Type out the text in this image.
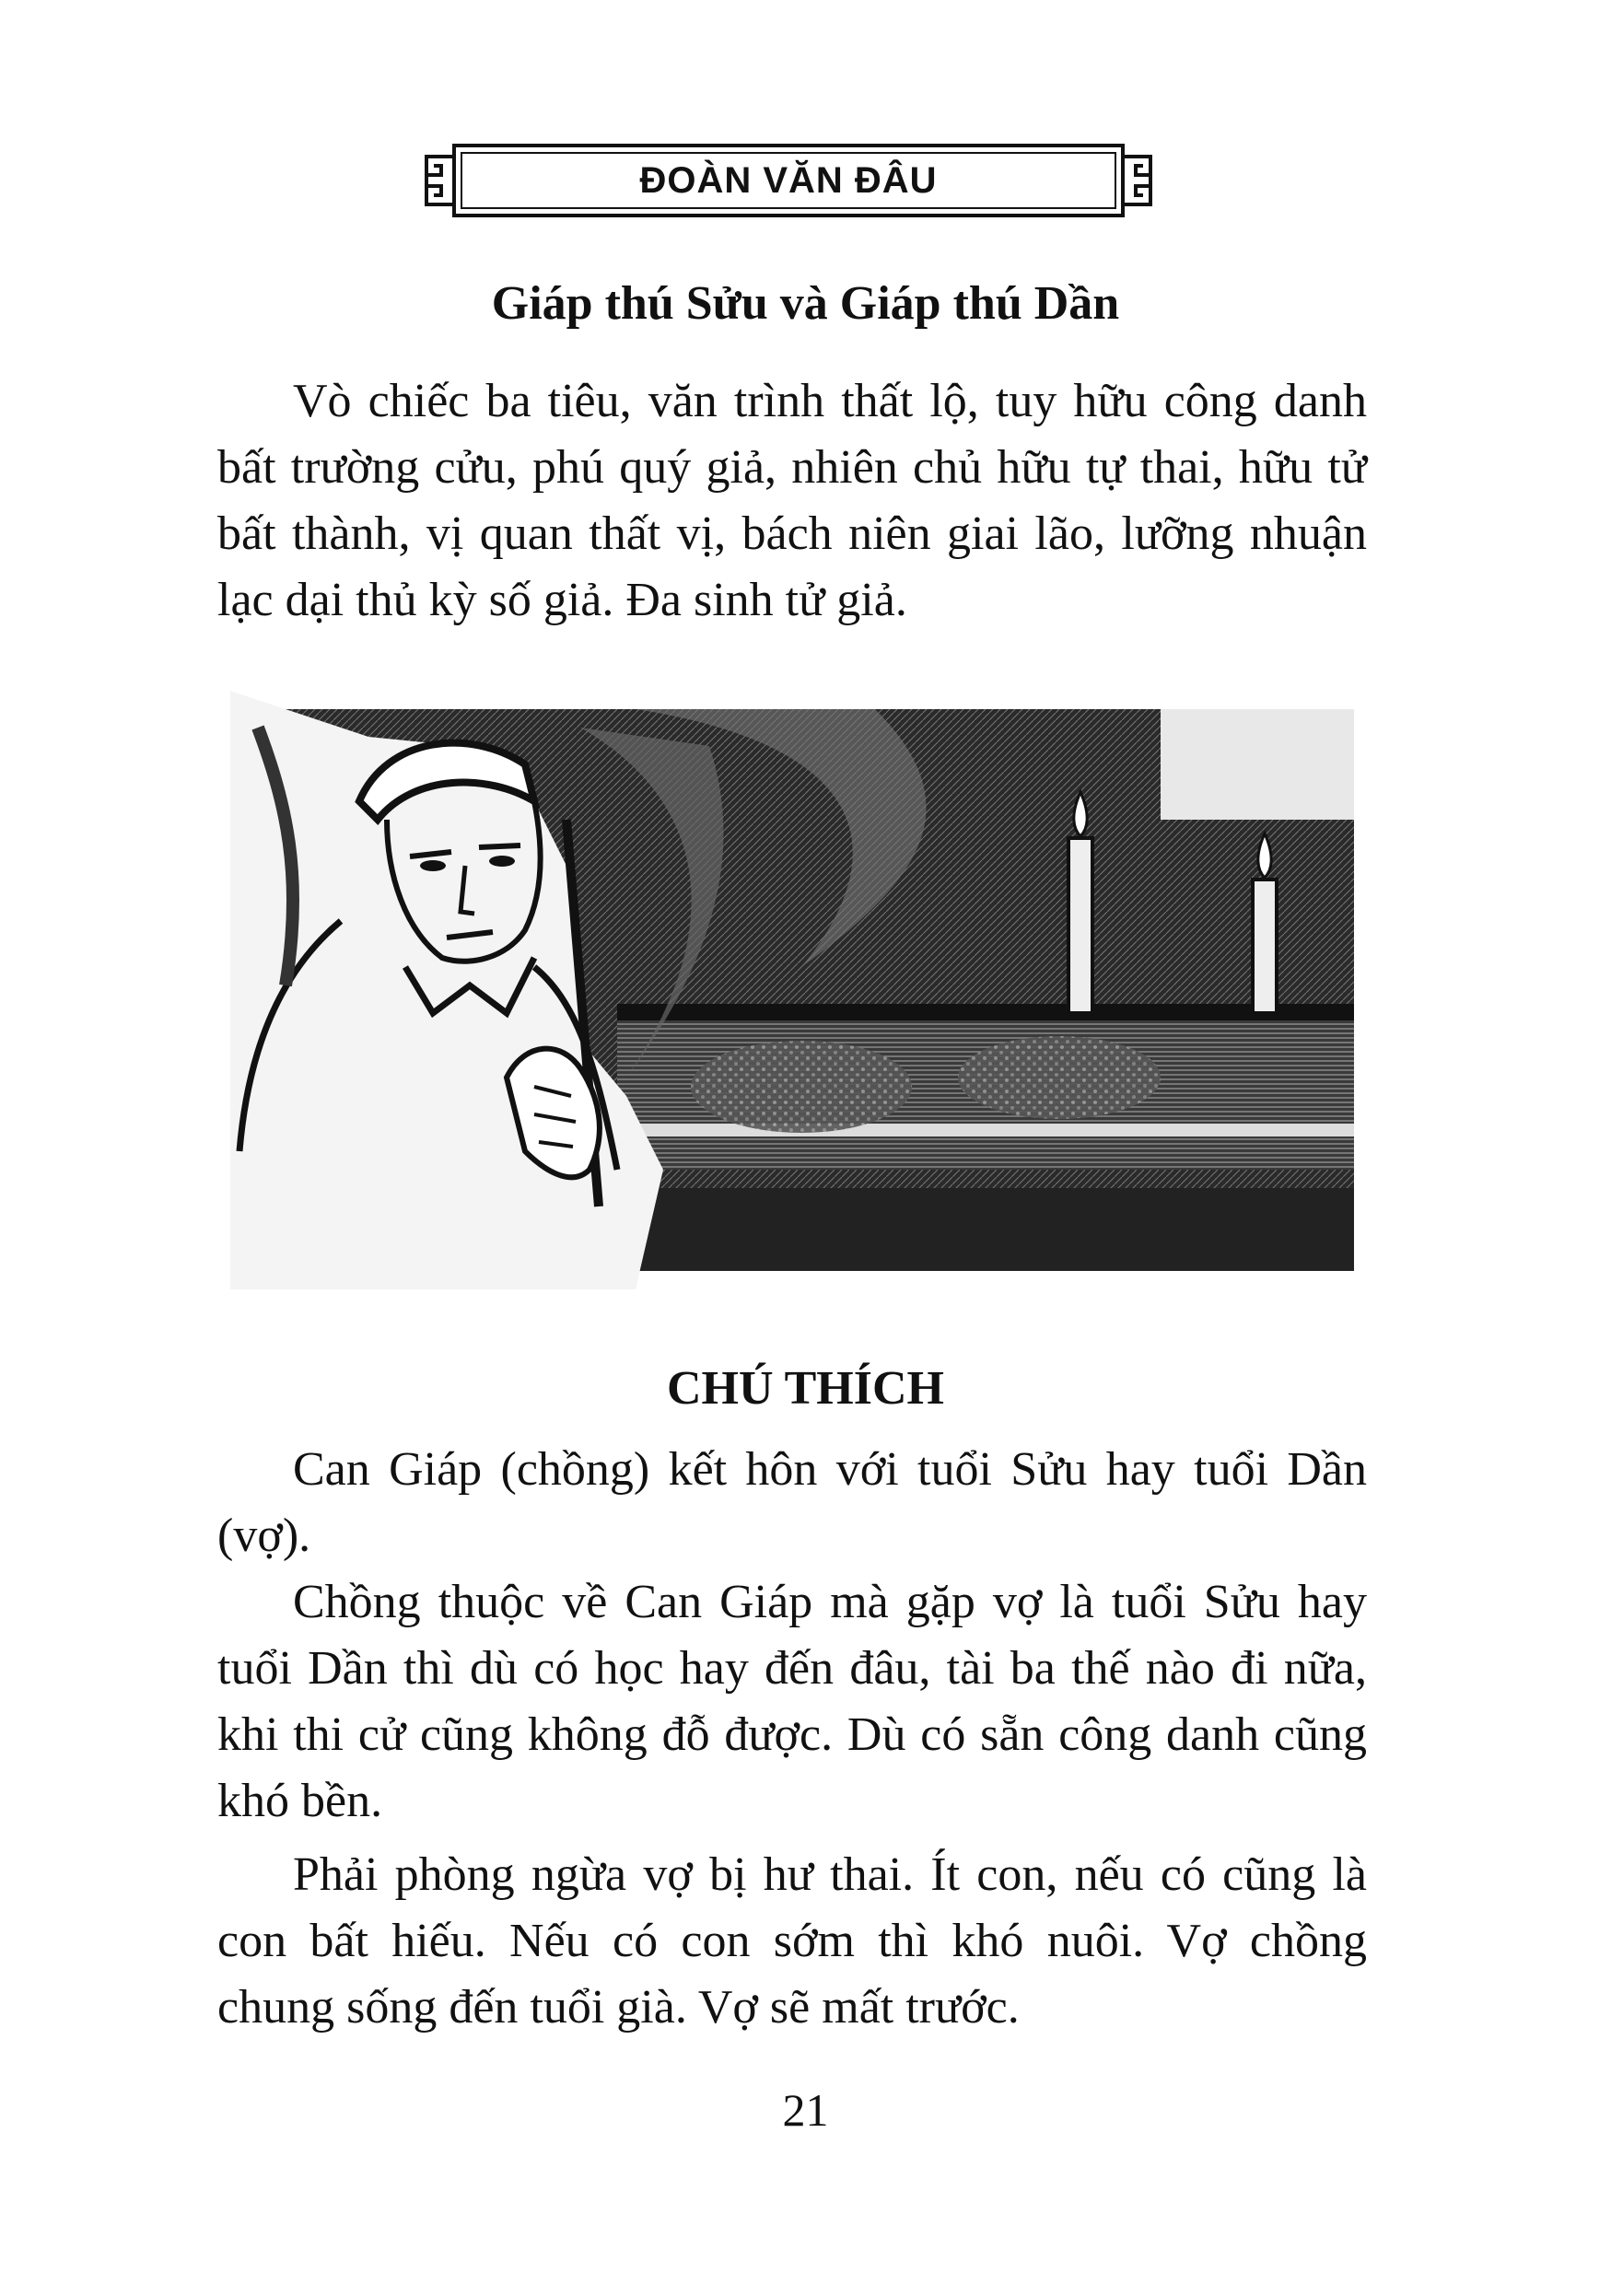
ĐOÀN VĂN ĐÂU
Giáp thú Sửu và Giáp thú Dần

Vò chiếc ba tiêu, văn trình thất lộ, tuy hữu công danh bất trường cửu, phú quý giả, nhiên chủ hữu tự thai, hữu tử bất thành, vị quan thất vị, bách niên giai lão, lưỡng nhuận lạc dại thủ kỳ số giả. Đa sinh tử giả.

CHÚ THÍCH

Can Giáp (chồng) kết hôn với tuổi Sửu hay tuổi Dần (vợ).

Chồng thuộc về Can Giáp mà gặp vợ là tuổi Sửu hay tuổi Dần thì dù có học hay đến đâu, tài ba thế nào đi nữa, khi thi cử cũng không đỗ được. Dù có sẵn công danh cũng khó bền.

Phải phòng ngừa vợ bị hư thai. Ít con, nếu có cũng là con bất hiếu. Nếu có con sớm thì khó nuôi. Vợ chồng chung sống đến tuổi già. Vợ sẽ mất trước.

21
